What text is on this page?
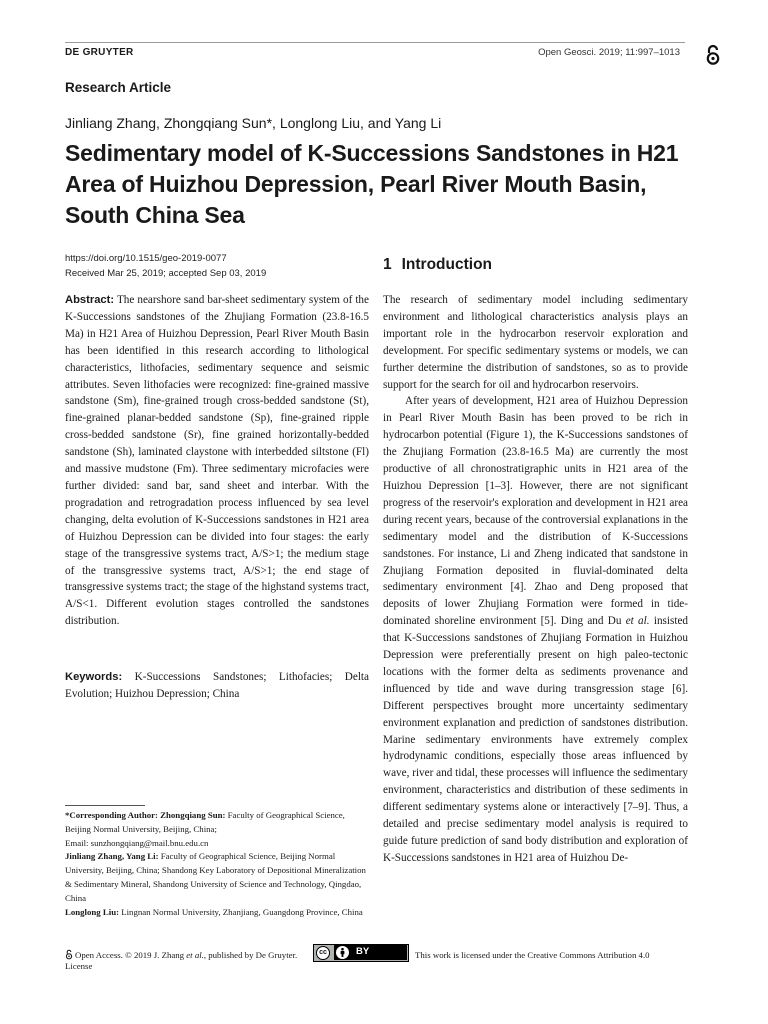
DE GRUYTER	Open Geosci. 2019; 11:997–1013
Research Article
Jinliang Zhang, Zhongqiang Sun*, Longlong Liu, and Yang Li
Sedimentary model of K-Successions Sandstones in H21 Area of Huizhou Depression, Pearl River Mouth Basin, South China Sea
https://doi.org/10.1515/geo-2019-0077
Received Mar 25, 2019; accepted Sep 03, 2019
Abstract: The nearshore sand bar-sheet sedimentary system of the K-Successions sandstones of the Zhujiang Formation (23.8-16.5 Ma) in H21 Area of Huizhou Depression, Pearl River Mouth Basin has been identified in this research according to lithological characteristics, lithofacies, sedimentary sequence and seismic attributes. Seven lithofacies were recognized: fine-grained massive sandstone (Sm), fine-grained trough cross-bedded sandstone (St), fine-grained planar-bedded sandstone (Sp), fine-grained ripple cross-bedded sandstone (Sr), fine grained horizontally-bedded sandstone (Sh), laminated claystone with interbedded siltstone (Fl) and massive mudstone (Fm). Three sedimentary microfacies were further divided: sand bar, sand sheet and interbar. With the progradation and retrogradation process influenced by sea level changing, delta evolution of K-Successions sandstones in H21 area of Huizhou Depression can be divided into four stages: the early stage of the transgressive systems tract, A/S>1; the medium stage of the transgressive systems tract, A/S>1; the end stage of transgressive systems tract; the stage of the highstand systems tract, A/S<1. Different evolution stages controlled the sandstones distribution.
Keywords: K-Successions Sandstones; Lithofacies; Delta Evolution; Huizhou Depression; China

*Corresponding Author: Zhongqiang Sun: Faculty of Geographical Science, Beijing Normal University, Beijing, China;

Email: sunzhongqiang@mail.bnu.edu.cn

Jinliang Zhang, Yang Li: Faculty of Geographical Science, Beijing Normal University, Beijing, China; Shandong Key Laboratory of Depositional Mineralization & Sedimentary Mineral, Shandong University of Science and Technology, Qingdao, China

Longlong Liu: Lingnan Normal University, Zhanjiang, Guangdong Province, China

1 Introduction

The research of sedimentary model including sedimentary environment and lithological characteristics analysis plays an important role in the hydrocarbon reservoir exploration and development. For specific sedimentary systems or models, we can further determine the distribution of sandstones, so as to provide support for the search for oil and hydrocarbon reservoirs.

After years of development, H21 area of Huizhou Depression in Pearl River Mouth Basin has been proved to be rich in hydrocarbon potential (Figure 1), the K-Successions sandstones of the Zhujiang Formation (23.8-16.5 Ma) are currently the most productive of all chronostratigraphic units in H21 area of the Huizhou Depression [1–3]. However, there are not significant progress of the reservoir's exploration and development in H21 area during recent years, because of the controversial explanations in the sedimentary model and the distribution of K-Successions sandstones. For instance, Li and Zheng indicated that sandstone in Zhujiang Formation deposited in fluvial-dominated delta sedimentary environment [4]. Zhao and Deng proposed that deposits of lower Zhujiang Formation were formed in tide-dominated shoreline environment [5]. Ding and Du et al. insisted that K-Successions sandstones of Zhujiang Formation in Huizhou Depression were preferentially present on high paleo-tectonic locations with the former delta as sediments provenance and influenced by tide and wave during transgression stage [6]. Different perspectives brought more uncertainty sedimentary environment explanation and prediction of sandstones distribution. Marine sedimentary environments have extremely complex hydrodynamic conditions, especially those areas influenced by wave, river and tidal, these processes will influence the sedimentary environment, characteristics and distribution of these sediments in different sedimentary systems alone or interactively [7–9]. Thus, a detailed and precise sedimentary model analysis is required to guide future prediction of sand body distribution and exploration of K-Successions sandstones in H21 area of Huizhou De-

Open Access. © 2019 J. Zhang et al., published by De Gruyter.	cc	BY	This work is licensed under the Creative Commons Attribution 4.0
License
